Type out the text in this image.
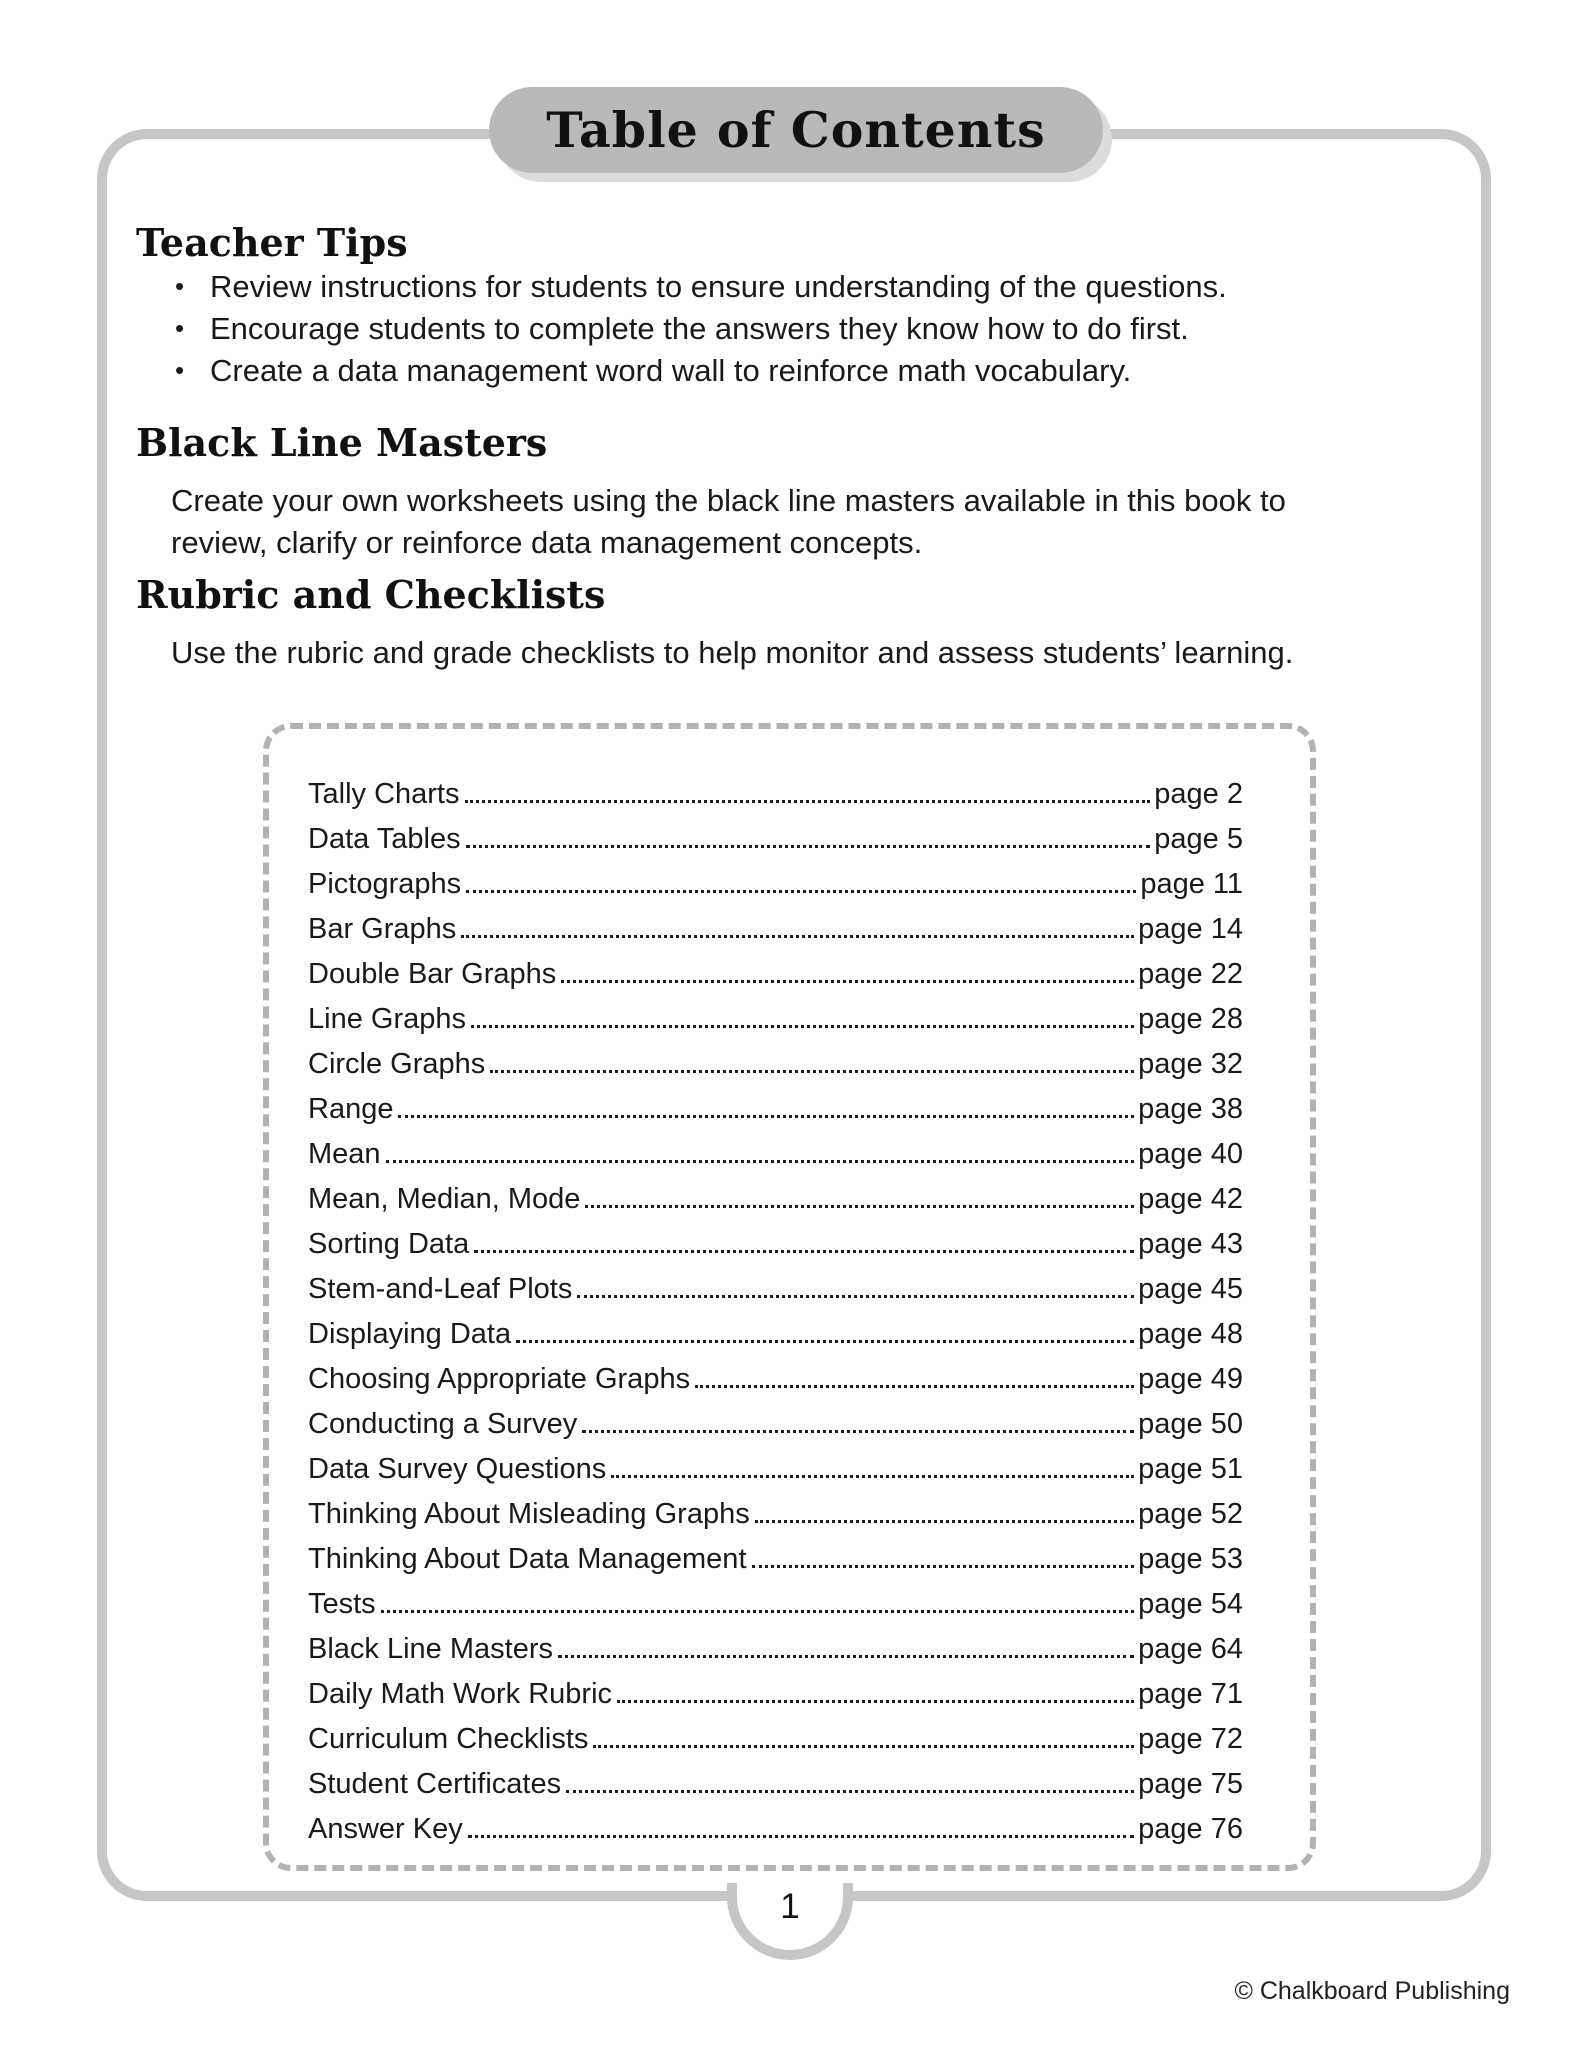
Table of Contents
Teacher Tips
• Review instructions for students to ensure understanding of the questions.
• Encourage students to complete the answers they know how to do first.
• Create a data management word wall to reinforce math vocabulary.
Black Line Masters

Create your own worksheets using the black line masters available in this book to review, clarify or reinforce data management concepts.

Rubric and Checklists

Use the rubric and grade checklists to help monitor and assess students’ learning.

Tally Charts	page 2
Data Tables	page 5
Pictographs	page 11
Bar Graphs	page 14
Double Bar Graphs	page 22
Line Graphs	page 28
Circle Graphs	page 32
Range	page 38
Mean	page 40
Mean, Median, Mode	page 42
Sorting Data	page 43
Stem-and-Leaf Plots	page 45
Displaying Data	page 48
Choosing Appropriate Graphs	page 49
Conducting a Survey	page 50
Data Survey Questions	page 51
Thinking About Misleading Graphs	page 52
Thinking About Data Management	page 53
Tests	page 54
Black Line Masters	page 64
Daily Math Work Rubric	page 71
Curriculum Checklists	page 72
Student Certificates	page 75
Answer Key	page 76
1
© Chalkboard Publishing
